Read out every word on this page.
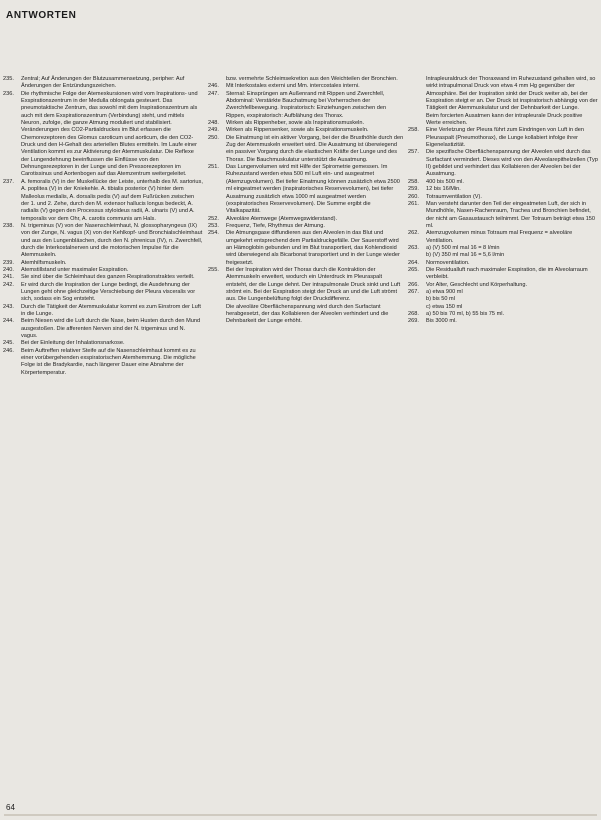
ANTWORTEN
235.	Zentral; Auf Änderungen der Blutzusammensetzung, peripher: Auf Änderungen der Entzündungszeichen.
236.	Die rhythmische Folge der Atemexkursionen wird vom Inspirations- und Exspirationszentrum in der Medulla oblongata gesteuert. Das pneumotaktische Zentrum, das sowohl mit dem Inspirationszentrum als auch mit dem Exspirationszentrum (Verbindung) steht, und mittels Neuron, zufolge, die ganze Atmung moduliert und stabilisiert. Veränderungen des CO2-Partialdruckes im Blut erfassen die Chemorezeptoren des Glomus caroticum und aorticum, die den CO2-Druck und den H-Gehalt des arteriellen Blutes ermitteln. Im Laufe einer Ventilation kommt es zur Aktivierung der Atemmuskulatur. Die Reflexe der Lungendehnung beeinflussen die Einflüsse von den Dehnungsrezeptoren in der Lunge und den Pressorezeptoren im Carotissinus und Aortenbogen auf das Atemzentrum weitergeleitet.
237.	A. femoralis (V) in der Muskellücke der Leiste, unterhalb des M. sartorius, A. poplitea (V) in der Kniekehle. A. tibialis posterior (V) hinter dem Malleolus medialis, A. dorsalis pedis (V) auf dem Fußrücken zwischen der 1. und 2. Zehe, durch den M. extensor hallucis longus bedeckt, A. radialis (V) gegen den Processus styloideus radii, A. ulnaris (V) und A. temporalis vor dem Ohr, A. carotis communis am Hals.
238.	N. trigeminus (V) von der Nasenschleimhaut, N. glossopharyngeus (IX) von der Zunge, N. vagus (X) von der Kehlkopf- und Bronchialschleimhaut und aus den Lungenbläschen, durch den N. phrenicus (IV), n. Zwerchfell, durch die Interkostalnerven und die motorischen Impulse für die Atemmuskeln.
239.	Atemhilfsmuskeln.
240.	Atemstillstand unter maximaler Exspiration.
241.	Sie sind über die Schleimhaut des ganzen Respirationstraktes verteilt.
242.	Er wird durch die Inspiration der Lunge bedingt, die Ausdehnung der Lungen geht ohne gleichzeitige Verschiebung der Pleura visceralis vor sich, sodass ein Sog entsteht.
243.	Durch die Tätigkeit der Atemmuskulatur kommt es zum Einstrom der Luft in die Lunge.
244.	Beim Niesen wird die Luft durch die Nase, beim Husten durch den Mund ausgestoßen. Die afferenten Nerven sind der N. trigeminus und N. vagus.
245.	Bei der Einleitung der Inhalationsnarkose.
246.	Beim Auftreffen relativer Steife auf die Nasenschleimhaut kommt es zu einer vorübergehenden exspiratorischen Atemhemmung. Die mögliche Folge ist die Bradykardie, nach längerer Dauer eine Abnahme der Körpertemperatur.
bzw. vermehrte Schleimsekretion aus den Weichteilen der Bronchien.
246.	Mit Interkostales externi und Mm. intercostales interni.
247.	Sternal: Einsprüngen am Außenrand mit Rippen und Zwerchfell, Abdominal: Verstärkte Bauchatmung bei Vorherrschen der Zwerchfellbewegung. Inspiratorisch: Einziehungen zwischen den Rippen, exspiratorisch: Aufblähung des Thorax.
248.	Wirken als Rippenheber, sowie als Inspirationsmuskeln.
249.	Wirken als Rippensenker, sowie als Exspirationsmuskeln.
250.	Die Einatmung ist ein aktiver Vorgang, bei der die Brusthöhle durch den Zug der Atemmuskeln erweitert wird. Die Ausatmung ist überwiegend ein passiver Vorgang durch die elastischen Kräfte der Lunge und des Thorax. Die Bauchmuskulatur unterstützt die Ausatmung.
251.	Das Lungenvolumen wird mit Hilfe der Spirometrie gemessen. Im Ruhezustand werden etwa 500 ml Luft ein- und ausgeatmet (Atemzugvolumen). Bei tiefer Einatmung können zusätzlich etwa 2500 ml eingeatmet werden (inspiratorisches Reservevolumen), bei tiefer Ausatmung zusätzlich etwa 1000 ml ausgeatmet werden (exspiratorisches Reservevolumen). Die Summe ergibt die Vitalkapazität.
252.	Alveoläre Atemwege (Atemwegswiderstand).
253.	Frequenz, Tiefe, Rhythmus der Atmung.
254.	Die Atmungsgase diffundieren aus den Alveolen in das Blut und umgekehrt entsprechend dem Partialdruckgefälle. Der Sauerstoff wird an Hämoglobin gebunden und im Blut transportiert, das Kohlendioxid wird überwiegend als Bicarbonat transportiert und in der Lunge wieder freigesetzt.
255.	Bei der Inspiration wird der Thorax durch die Kontraktion der Atemmuskeln erweitert, wodurch ein Unterdruck im Pleuraspalt entsteht, der die Lunge dehnt. Der intrapulmonale Druck sinkt und Luft strömt ein. Bei der Exspiration steigt der Druck an und die Luft strömt aus. Die Lungenbelüftung folgt der Druckdifferenz.
Die alveoläre Oberflächenspannung wird durch den Surfactant herabgesetzt, der das Kollabieren der Alveolen verhindert und die Dehnbarkeit der Lunge erhöht.
Intrapleuraldruck der Thoraxwand im Ruhezustand gehalten wird, so wirkt intrapulmonal Druck von etwa 4 mm Hg gegenüber der Atmosphäre. Bei der Inspiration sinkt der Druck weiter ab, bei der Exspiration steigt er an. Der Druck ist inspiratorisch abhängig von der Tätigkeit der Atemmuskulatur und der Dehnbarkeit der Lunge.
Beim forcierten Ausatmen kann der intrapleurale Druck positive Werte erreichen.
258.	Eine Verletzung der Pleura führt zum Eindringen von Luft in den Pleuraspalt (Pneumothorax), die Lunge kollabiert infolge ihrer Eigenelastizität.
257.	Die spezifische Oberflächenspannung der Alveolen wird durch das Surfactant vermindert. Dieses wird von den Alveolarepithelzellen (Typ II) gebildet und verhindert das Kollabieren der Alveolen bei der Ausatmung.
258.	400 bis 500 ml.
259.	12 bis 16/Min.
260.	Totraumventilation (V).
261.	Man versteht darunter den Teil der eingeatmeten Luft, der sich in Mundhöhle, Nasen-Rachenraum, Trachea und Bronchien befindet, der nicht am Gasaustausch teilnimmt. Der Totraum beträgt etwa 150 ml.
262.	Atemzugvolumen minus Totraum mal Frequenz = alveoläre Ventilation.
263.	a) (V) 500 ml mal 16 = 8 l/min
b) (V) 350 ml mal 16 = 5,6 l/min
264.	Normoventilation.
265.	Die Residualluft nach maximaler Exspiration, die im Alveolarraum verbleibt.
266.	Vor Alter, Geschlecht und Körperhaltung.
267.	a) etwa 900 ml
b) bis 50 ml
c) etwa 150 ml
268.	a) 50 bis 70 ml, b) 55 bis 75 ml.
269.	Bis 3000 ml.
64
